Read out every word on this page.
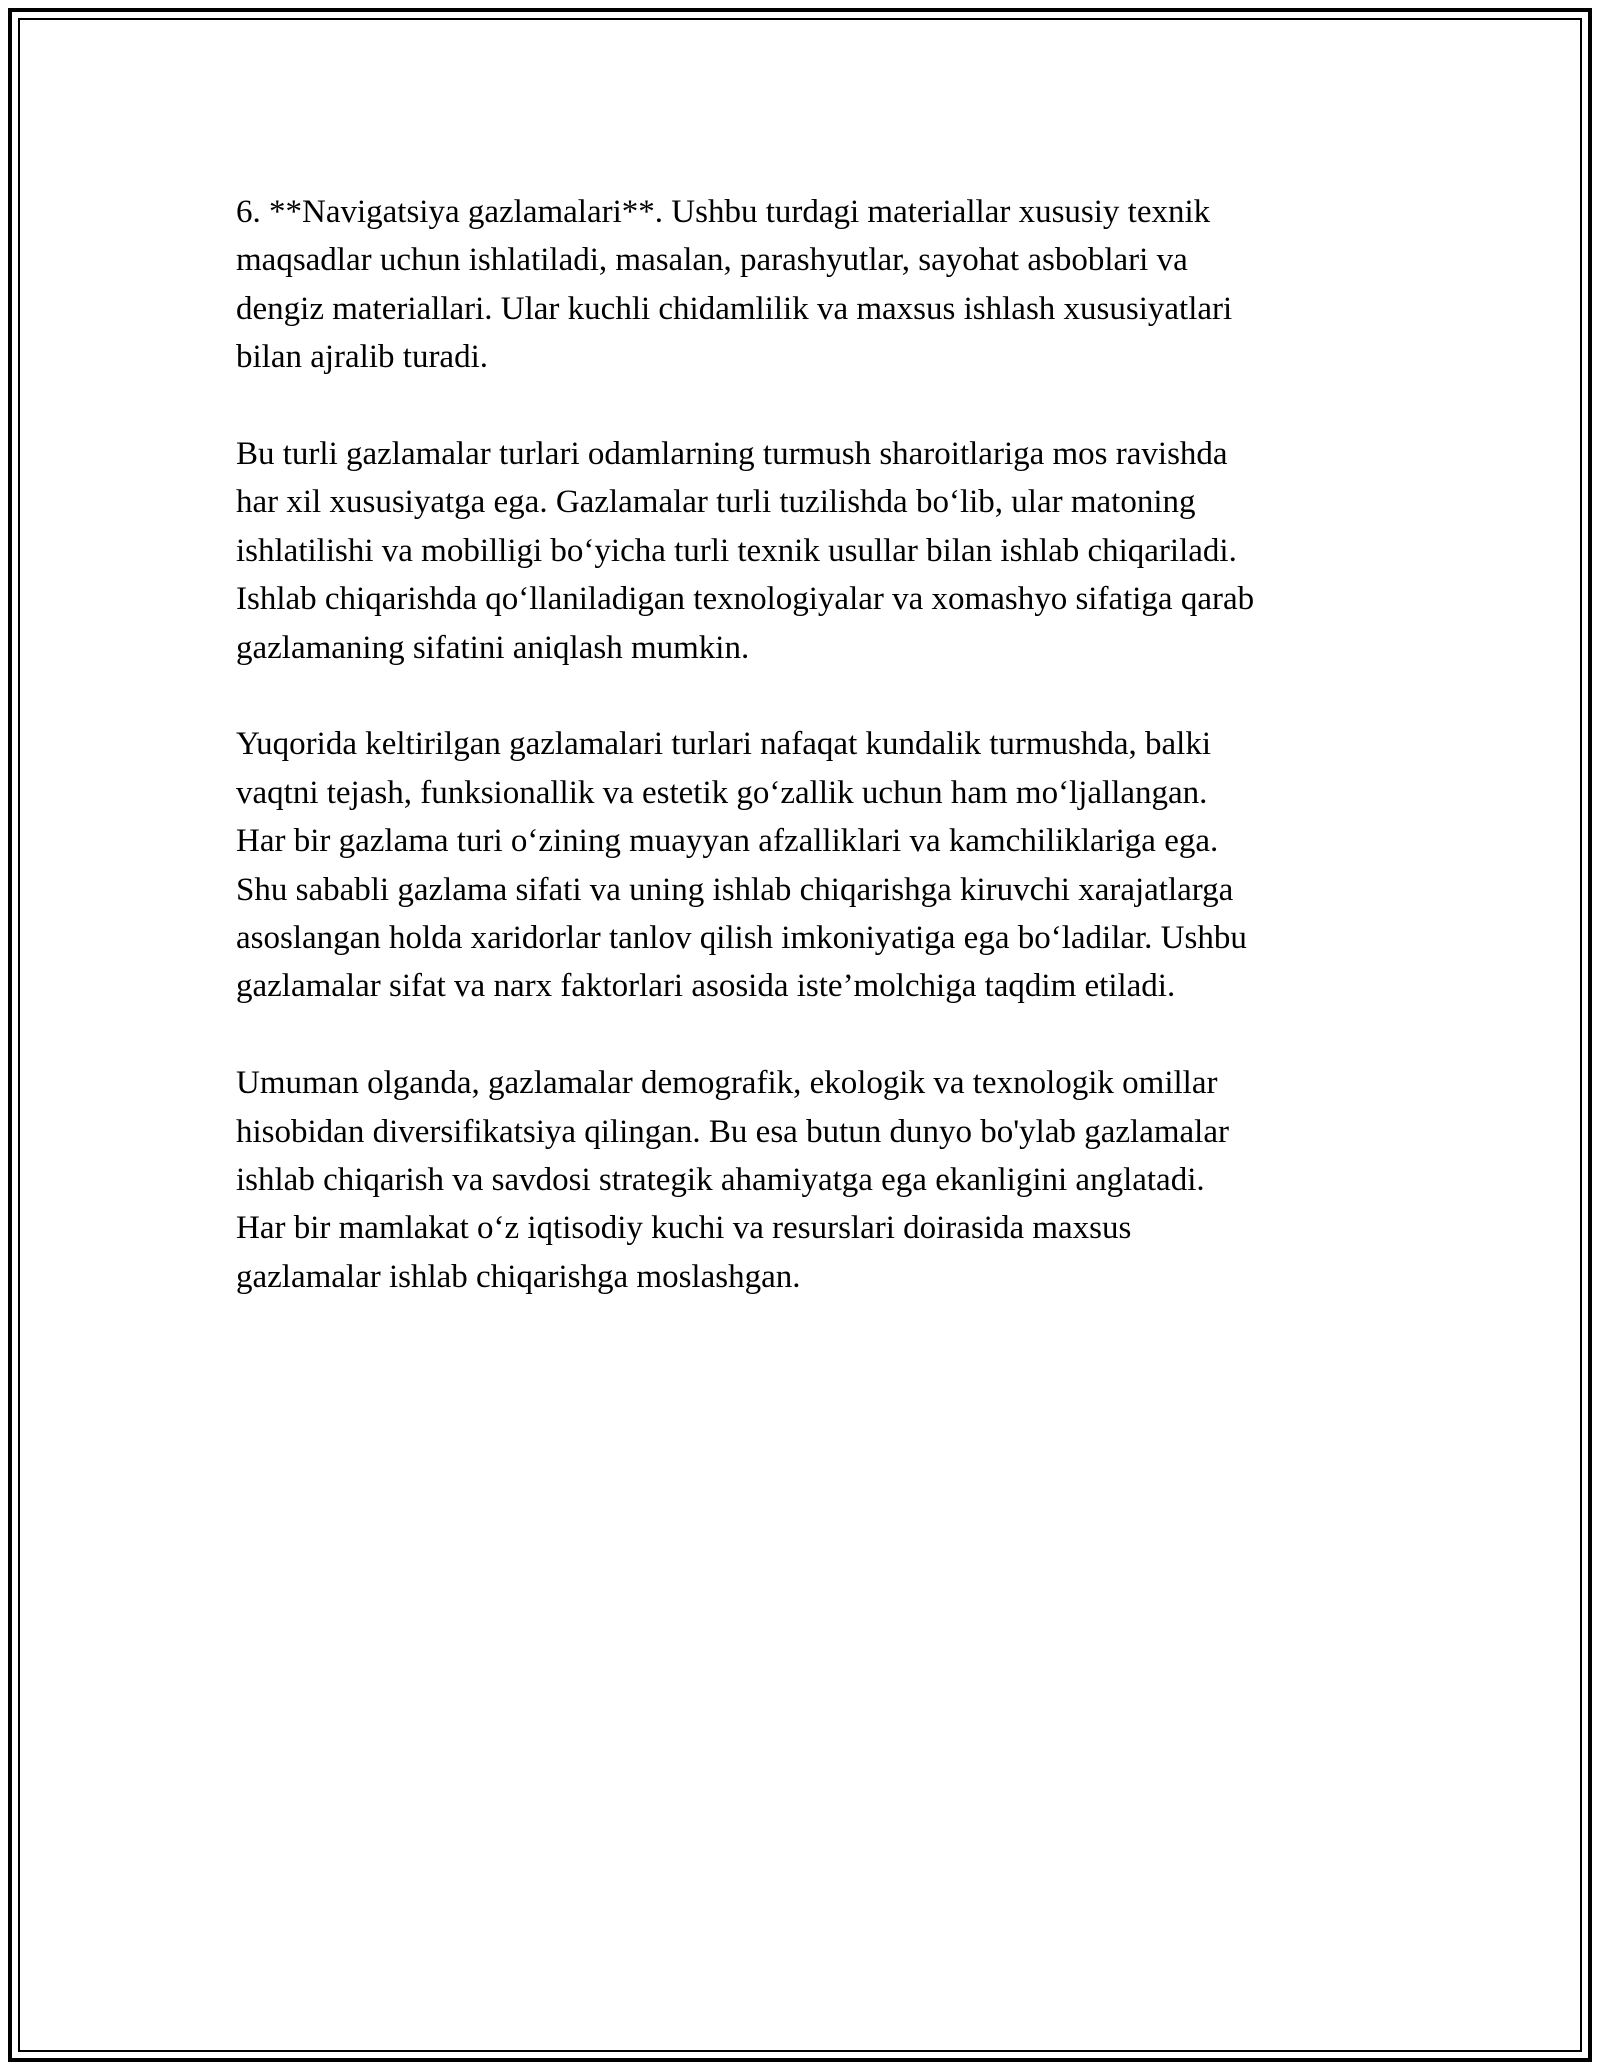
6. **Navigatsiya gazlamalari**. Ushbu turdagi materiallar xususiy texnik
maqsadlar uchun ishlatiladi, masalan, parashyutlar, sayohat asboblari va
dengiz materiallari. Ular kuchli chidamlilik va maxsus ishlash xususiyatlari
bilan ajralib turadi.

Bu turli gazlamalar turlari odamlarning turmush sharoitlariga mos ravishda
har xil xususiyatga ega. Gazlamalar turli tuzilishda bo‘lib, ular matoning
ishlatilishi va mobilligi bo‘yicha turli texnik usullar bilan ishlab chiqariladi.
Ishlab chiqarishda qo‘llaniladigan texnologiyalar va xomashyo sifatiga qarab
gazlamaning sifatini aniqlash mumkin.

Yuqorida keltirilgan gazlamalari turlari nafaqat kundalik turmushda, balki
vaqtni tejash, funksionallik va estetik go‘zallik uchun ham mo‘ljallangan.
Har bir gazlama turi o‘zining muayyan afzalliklari va kamchiliklariga ega.
Shu sababli gazlama sifati va uning ishlab chiqarishga kiruvchi xarajatlarga
asoslangan holda xaridorlar tanlov qilish imkoniyatiga ega bo‘ladilar. Ushbu
gazlamalar sifat va narx faktorlari asosida iste’molchiga taqdim etiladi.

Umuman olganda, gazlamalar demografik, ekologik va texnologik omillar
hisobidan diversifikatsiya qilingan. Bu esa butun dunyo bo'ylab gazlamalar
ishlab chiqarish va savdosi strategik ahamiyatga ega ekanligini anglatadi.
Har bir mamlakat o‘z iqtisodiy kuchi va resurslari doirasida maxsus
gazlamalar ishlab chiqarishga moslashgan.
